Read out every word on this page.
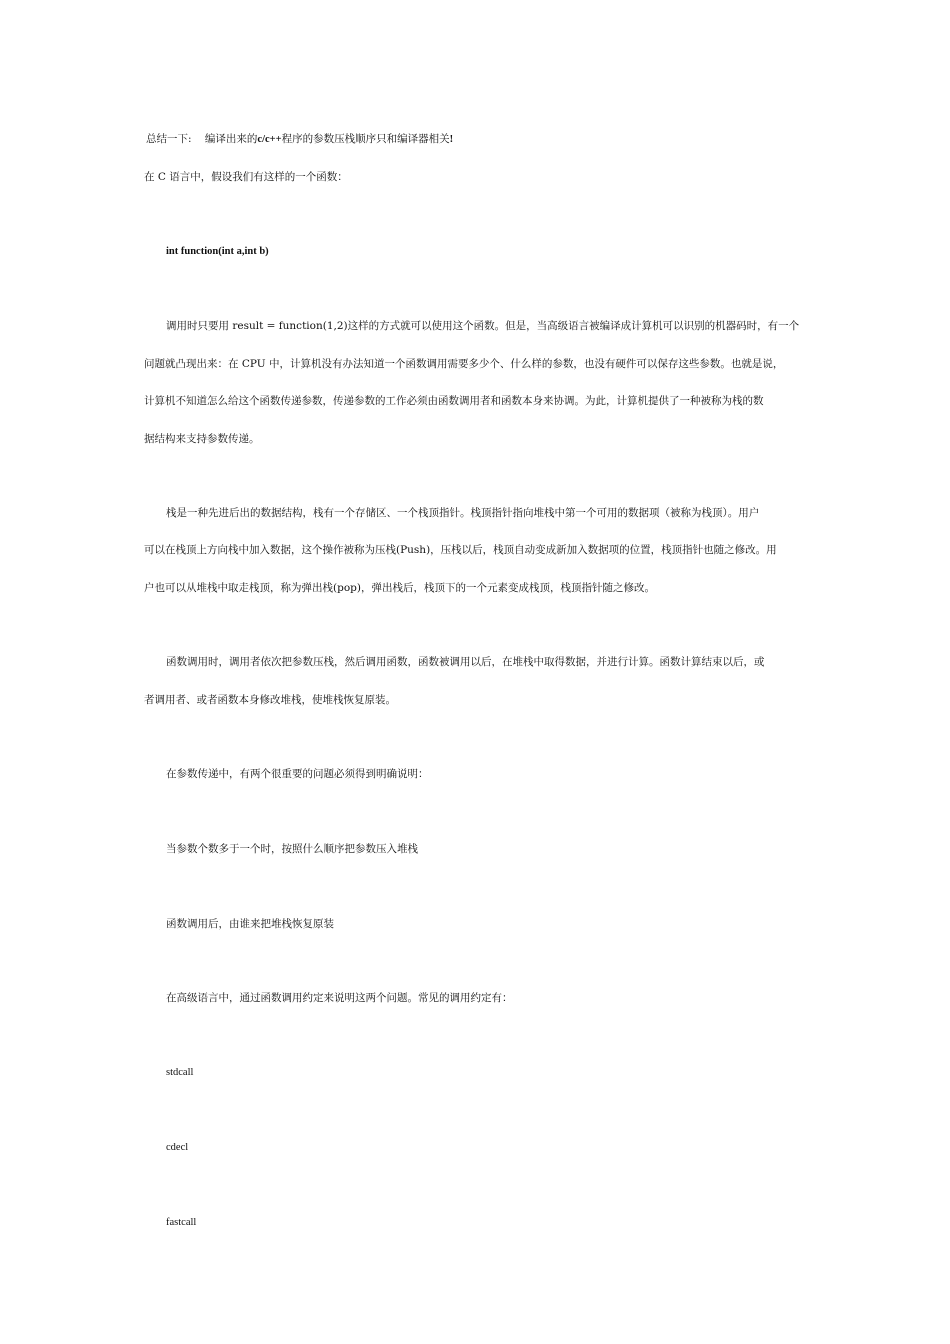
总结一下: 编译出来的c/c++程序的参数压栈顺序只和编译器相关!
在 C 语言中，假设我们有这样的一个函数：
int function(int a,int b)
调用时只要用 result = function(1,2)这样的方式就可以使用这个函数。但是，当高级语言被编译成计算机可以识别的机器码时，有一个
问题就凸现出来：在 CPU 中，计算机没有办法知道一个函数调用需要多少个、什么样的参数，也没有硬件可以保存这些参数。也就是说，
计算机不知道怎么给这个函数传递参数，传递参数的工作必须由函数调用者和函数本身来协调。为此，计算机提供了一种被称为栈的数
据结构来支持参数传递。
栈是一种先进后出的数据结构，栈有一个存储区、一个栈顶指针。栈顶指针指向堆栈中第一个可用的数据项（被称为栈顶）。用户
可以在栈顶上方向栈中加入数据，这个操作被称为压栈(Push)，压栈以后，栈顶自动变成新加入数据项的位置，栈顶指针也随之修改。用
户也可以从堆栈中取走栈顶，称为弹出栈(pop)，弹出栈后，栈顶下的一个元素变成栈顶，栈顶指针随之修改。
函数调用时，调用者依次把参数压栈，然后调用函数，函数被调用以后，在堆栈中取得数据，并进行计算。函数计算结束以后，或
者调用者、或者函数本身修改堆栈，使堆栈恢复原装。
在参数传递中，有两个很重要的问题必须得到明确说明：
当参数个数多于一个时，按照什么顺序把参数压入堆栈
函数调用后，由谁来把堆栈恢复原装
在高级语言中，通过函数调用约定来说明这两个问题。常见的调用约定有：
stdcall
cdecl
fastcall
